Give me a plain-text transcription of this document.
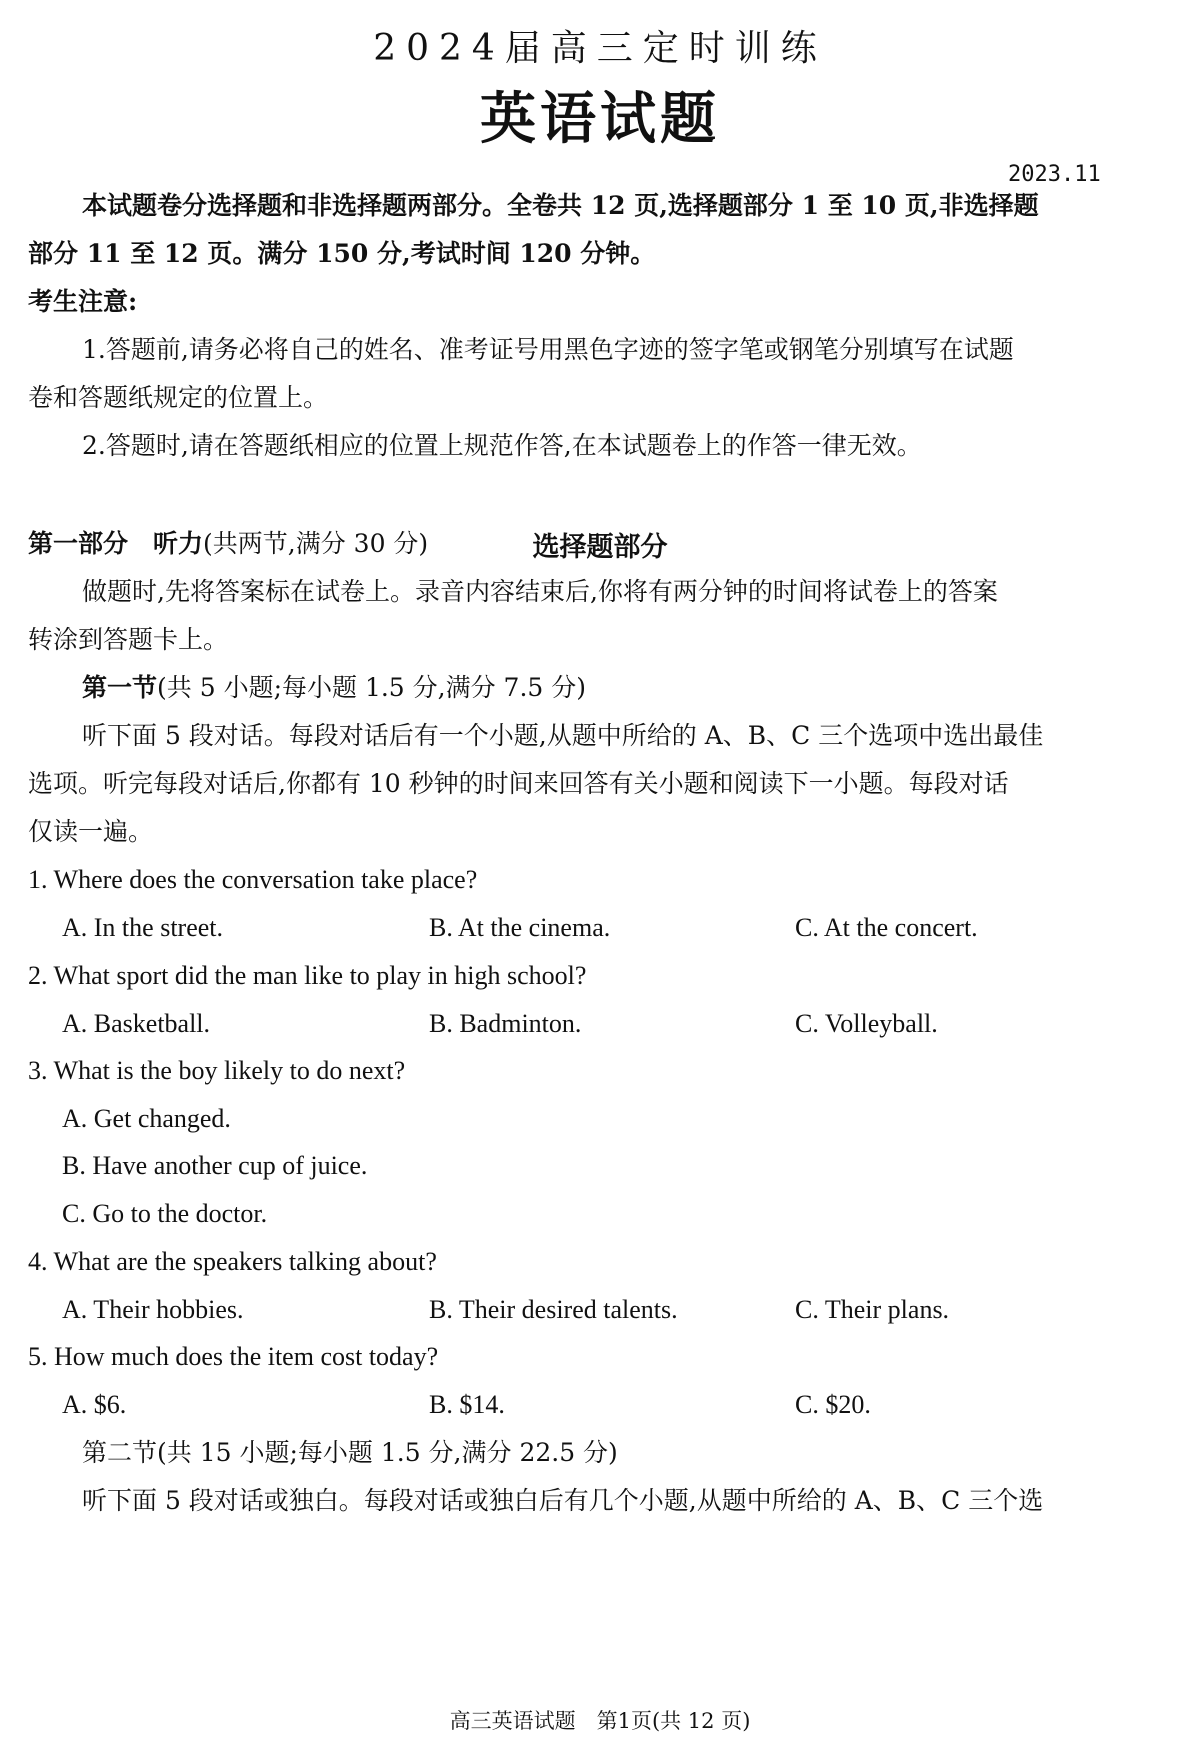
2024届高三定时训练
英语试题
2023.11
本试题卷分选择题和非选择题两部分。全卷共 12 页,选择题部分 1 至 10 页,非选择题
部分 11 至 12 页。满分 150 分,考试时间 120 分钟。
考生注意:
1.答题前,请务必将自己的姓名、准考证号用黑色字迹的签字笔或钢笔分别填写在试题
卷和答题纸规定的位置上。
2.答题时,请在答题纸相应的位置上规范作答,在本试题卷上的作答一律无效。
选择题部分
第一部分　听力(共两节,满分 30 分)
做题时,先将答案标在试卷上。录音内容结束后,你将有两分钟的时间将试卷上的答案
转涂到答题卡上。
第一节(共 5 小题;每小题 1.5 分,满分 7.5 分)
听下面 5 段对话。每段对话后有一个小题,从题中所给的 A、B、C 三个选项中选出最佳
选项。听完每段对话后,你都有 10 秒钟的时间来回答有关小题和阅读下一小题。每段对话
仅读一遍。
1. Where does the conversation take place?
A. In the street.	B. At the cinema.	C. At the concert.
2. What sport did the man like to play in high school?
A. Basketball.	B. Badminton.	C. Volleyball.
3. What is the boy likely to do next?
A. Get changed.
B. Have another cup of juice.
C. Go to the doctor.
4. What are the speakers talking about?
A. Their hobbies.	B. Their desired talents.	C. Their plans.
5. How much does the item cost today?
A. $6.	B. $14.	C. $20.
第二节(共 15 小题;每小题 1.5 分,满分 22.5 分)
听下面 5 段对话或独白。每段对话或独白后有几个小题,从题中所给的 A、B、C 三个选
高三英语试题　第1页(共 12 页)
